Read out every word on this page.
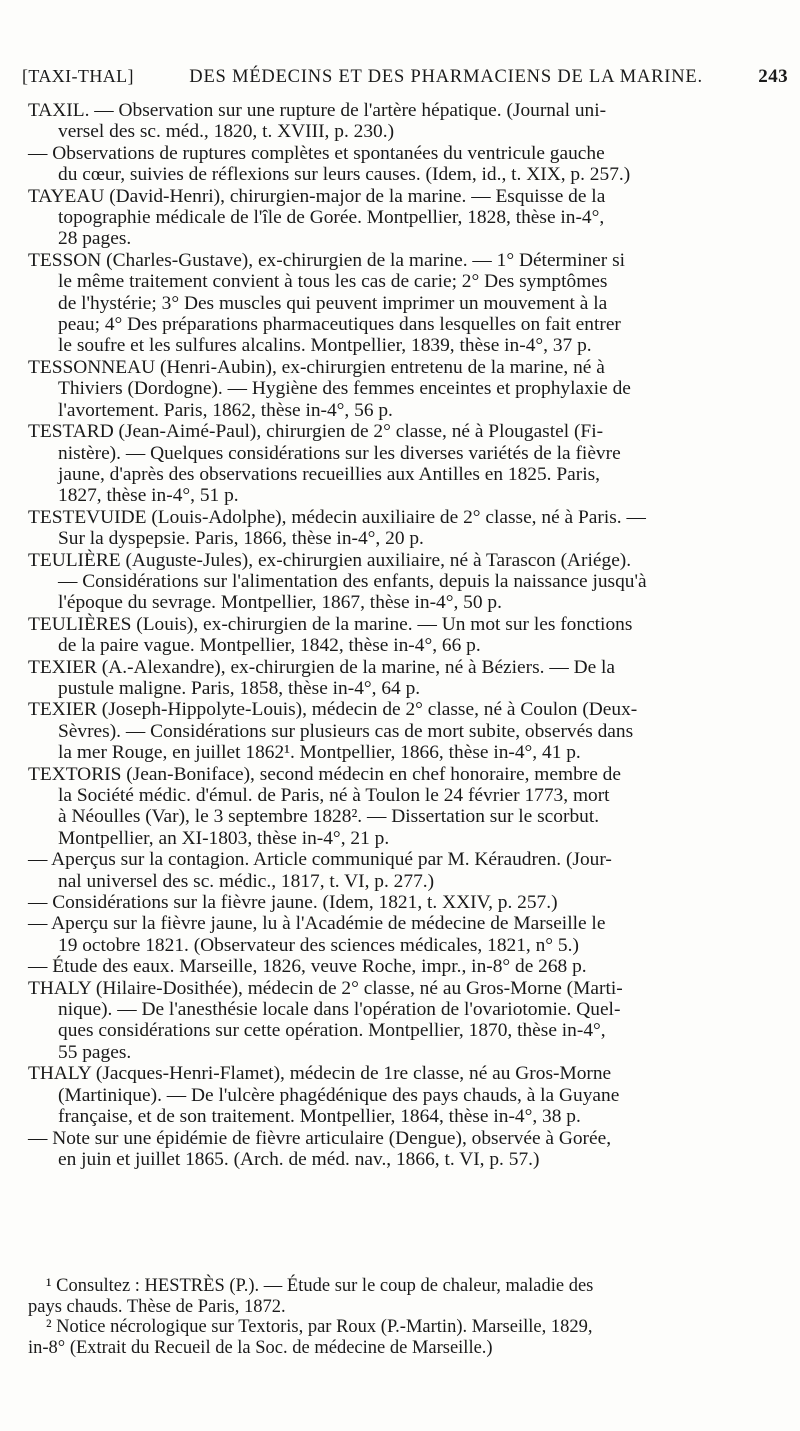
[TAXI-THAL]	DES MÉDECINS ET DES PHARMACIENS DE LA MARINE.	243
TAXIL. — Observation sur une rupture de l'artère hépatique. (Journal uni-
versel des sc. méd., 1820, t. XVIII, p. 230.)
— Observations de ruptures complètes et spontanées du ventricule gauche
du cœur, suivies de réflexions sur leurs causes. (Idem, id., t. XIX, p. 257.)
TAYEAU (David-Henri), chirurgien-major de la marine. — Esquisse de la
topographie médicale de l'île de Gorée. Montpellier, 1828, thèse in-4°,
28 pages.
TESSON (Charles-Gustave), ex-chirurgien de la marine. — 1° Déterminer si
le même traitement convient à tous les cas de carie; 2° Des symptômes
de l'hystérie; 3° Des muscles qui peuvent imprimer un mouvement à la
peau; 4° Des préparations pharmaceutiques dans lesquelles on fait entrer
le soufre et les sulfures alcalins. Montpellier, 1839, thèse in-4°, 37 p.
TESSONNEAU (Henri-Aubin), ex-chirurgien entretenu de la marine, né à
Thiviers (Dordogne). — Hygiène des femmes enceintes et prophylaxie de
l'avortement. Paris, 1862, thèse in-4°, 56 p.
TESTARD (Jean-Aimé-Paul), chirurgien de 2° classe, né à Plougastel (Fi-
nistère). — Quelques considérations sur les diverses variétés de la fièvre
jaune, d'après des observations recueillies aux Antilles en 1825. Paris,
1827, thèse in-4°, 51 p.
TESTEVUIDE (Louis-Adolphe), médecin auxiliaire de 2° classe, né à Paris. —
Sur la dyspepsie. Paris, 1866, thèse in-4°, 20 p.
TEULIÈRE (Auguste-Jules), ex-chirurgien auxiliaire, né à Tarascon (Ariége).
— Considérations sur l'alimentation des enfants, depuis la naissance jusqu'à
l'époque du sevrage. Montpellier, 1867, thèse in-4°, 50 p.
TEULIÈRES (Louis), ex-chirurgien de la marine. — Un mot sur les fonctions
de la paire vague. Montpellier, 1842, thèse in-4°, 66 p.
TEXIER (A.-Alexandre), ex-chirurgien de la marine, né à Béziers. — De la
pustule maligne. Paris, 1858, thèse in-4°, 64 p.
TEXIER (Joseph-Hippolyte-Louis), médecin de 2° classe, né à Coulon (Deux-
Sèvres). — Considérations sur plusieurs cas de mort subite, observés dans
la mer Rouge, en juillet 1862¹. Montpellier, 1866, thèse in-4°, 41 p.
TEXTORIS (Jean-Boniface), second médecin en chef honoraire, membre de
la Société médic. d'émul. de Paris, né à Toulon le 24 février 1773, mort
à Néoulles (Var), le 3 septembre 1828². — Dissertation sur le scorbut.
Montpellier, an XI-1803, thèse in-4°, 21 p.
— Aperçus sur la contagion. Article communiqué par M. Kéraudren. (Jour-
nal universel des sc. médic., 1817, t. VI, p. 277.)
— Considérations sur la fièvre jaune. (Idem, 1821, t. XXIV, p. 257.)
— Aperçu sur la fièvre jaune, lu à l'Académie de médecine de Marseille le
19 octobre 1821. (Observateur des sciences médicales, 1821, n° 5.)
— Étude des eaux. Marseille, 1826, veuve Roche, impr., in-8° de 268 p.
THALY (Hilaire-Dosithée), médecin de 2° classe, né au Gros-Morne (Marti-
nique). — De l'anesthésie locale dans l'opération de l'ovariotomie. Quel-
ques considérations sur cette opération. Montpellier, 1870, thèse in-4°,
55 pages.
THALY (Jacques-Henri-Flamet), médecin de 1re classe, né au Gros-Morne
(Martinique). — De l'ulcère phagédénique des pays chauds, à la Guyane
française, et de son traitement. Montpellier, 1864, thèse in-4°, 38 p.
— Note sur une épidémie de fièvre articulaire (Dengue), observée à Gorée,
en juin et juillet 1865. (Arch. de méd. nav., 1866, t. VI, p. 57.)
¹ Consultez : HESTRÈS (P.). — Étude sur le coup de chaleur, maladie des
pays chauds. Thèse de Paris, 1872.
² Notice nécrologique sur Textoris, par Roux (P.-Martin). Marseille, 1829,
in-8° (Extrait du Recueil de la Soc. de médecine de Marseille.)
